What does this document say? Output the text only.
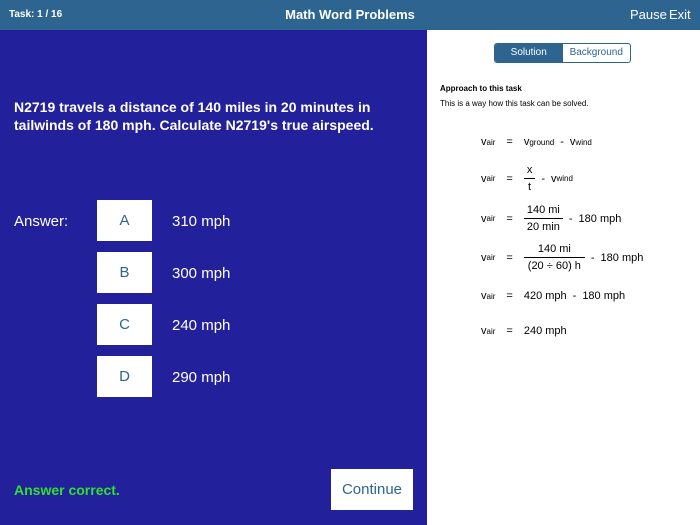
Task: 1 / 16	Math Word Problems	Pause Exit
N2719 travels a distance of 140 miles in 20 minutes in tailwinds of 180 mph. Calculate N2719's true airspeed.
Answer:	A	310 mph
B	300 mph
C	240 mph
D	290 mph
Answer correct.	Continue
Solution	Background
Approach to this task
This is a way how this task can be solved.
v air = v ground - v wind
v air = $\frac{x}{t}$ - v wind
v air = $\frac{140 mi}{20 \min} - 180$ mph
v air = $\frac{140 mi}{(20 \div 60) h} - 180$ mph
v air = 420 mph - 180 mph
v air = 240 mph
